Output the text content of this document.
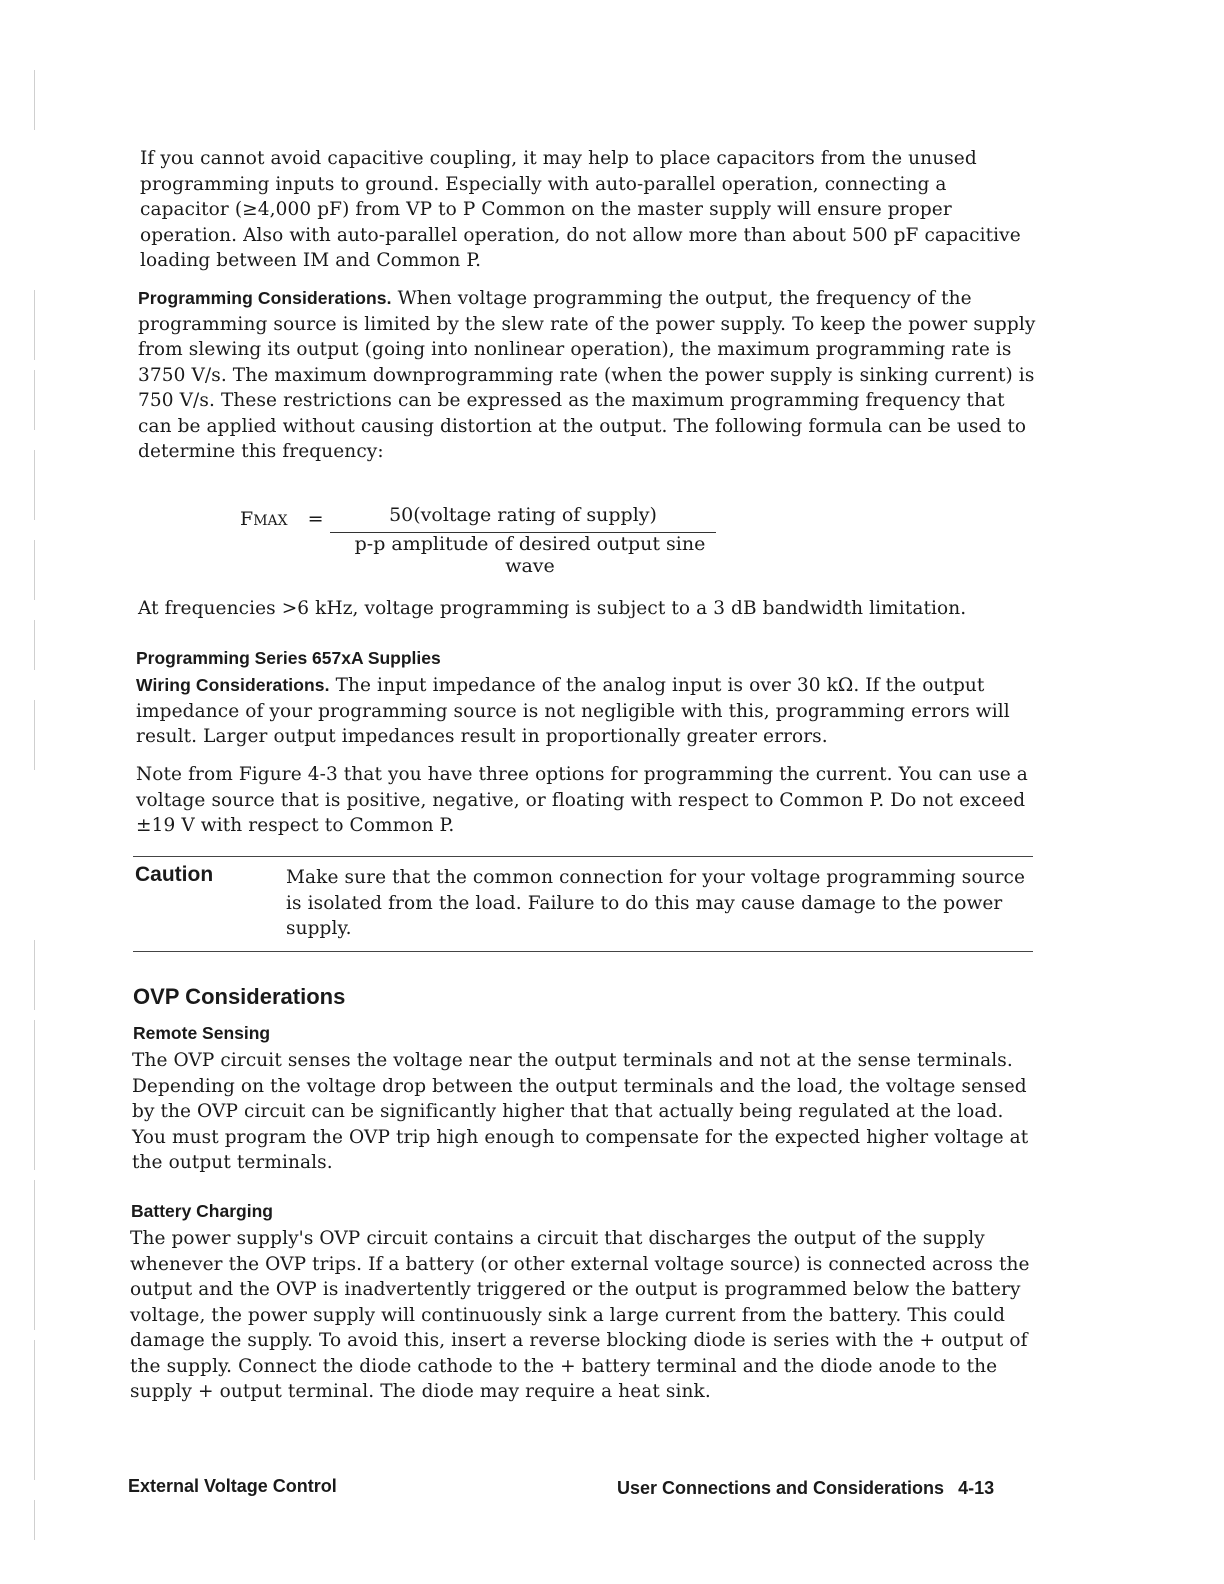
If you cannot avoid capacitive coupling, it may help to place capacitors from the unused programming inputs to ground. Especially with auto-parallel operation, connecting a capacitor (≥4,000 pF) from VP to P Common on the master supply will ensure proper operation. Also with auto-parallel operation, do not allow more than about 500 pF capacitive loading between IM and Common P.

Programming Considerations. When voltage programming the output, the frequency of the programming source is limited by the slew rate of the power supply. To keep the power supply from slewing its output (going into nonlinear operation), the maximum programming rate is 3750 V/s. The maximum downprogramming rate (when the power supply is sinking current) is 750 V/s. These restrictions can be expressed as the maximum programming frequency that can be applied without causing distortion at the output. The following formula can be used to determine this frequency:

FMAX =	50(voltage rating of supply)
p-p amplitude of desired output sine wave

At frequencies >6 kHz, voltage programming is subject to a 3 dB bandwidth limitation.

Programming Series 657xA Supplies

Wiring Considerations. The input impedance of the analog input is over 30 kΩ. If the output impedance of your programming source is not negligible with this, programming errors will result. Larger output impedances result in proportionally greater errors.

Note from Figure 4-3 that you have three options for programming the current. You can use a voltage source that is positive, negative, or floating with respect to Common P. Do not exceed ±19 V with respect to Common P.

Caution	Make sure that the common connection for your voltage programming source is isolated from the load. Failure to do this may cause damage to the power supply.

OVP Considerations
Remote Sensing

The OVP circuit senses the voltage near the output terminals and not at the sense terminals. Depending on the voltage drop between the output terminals and the load, the voltage sensed by the OVP circuit can be significantly higher that that actually being regulated at the load. You must program the OVP trip high enough to compensate for the expected higher voltage at the output terminals.

Battery Charging

The power supply's OVP circuit contains a circuit that discharges the output of the supply whenever the OVP trips. If a battery (or other external voltage source) is connected across the output and the OVP is inadvertently triggered or the output is programmed below the battery voltage, the power supply will continuously sink a large current from the battery. This could damage the supply. To avoid this, insert a reverse blocking diode is series with the + output of the supply. Connect the diode cathode to the + battery terminal and the diode anode to the supply + output terminal. The diode may require a heat sink.

External Voltage Control	User Connections and Considerations 4-13
